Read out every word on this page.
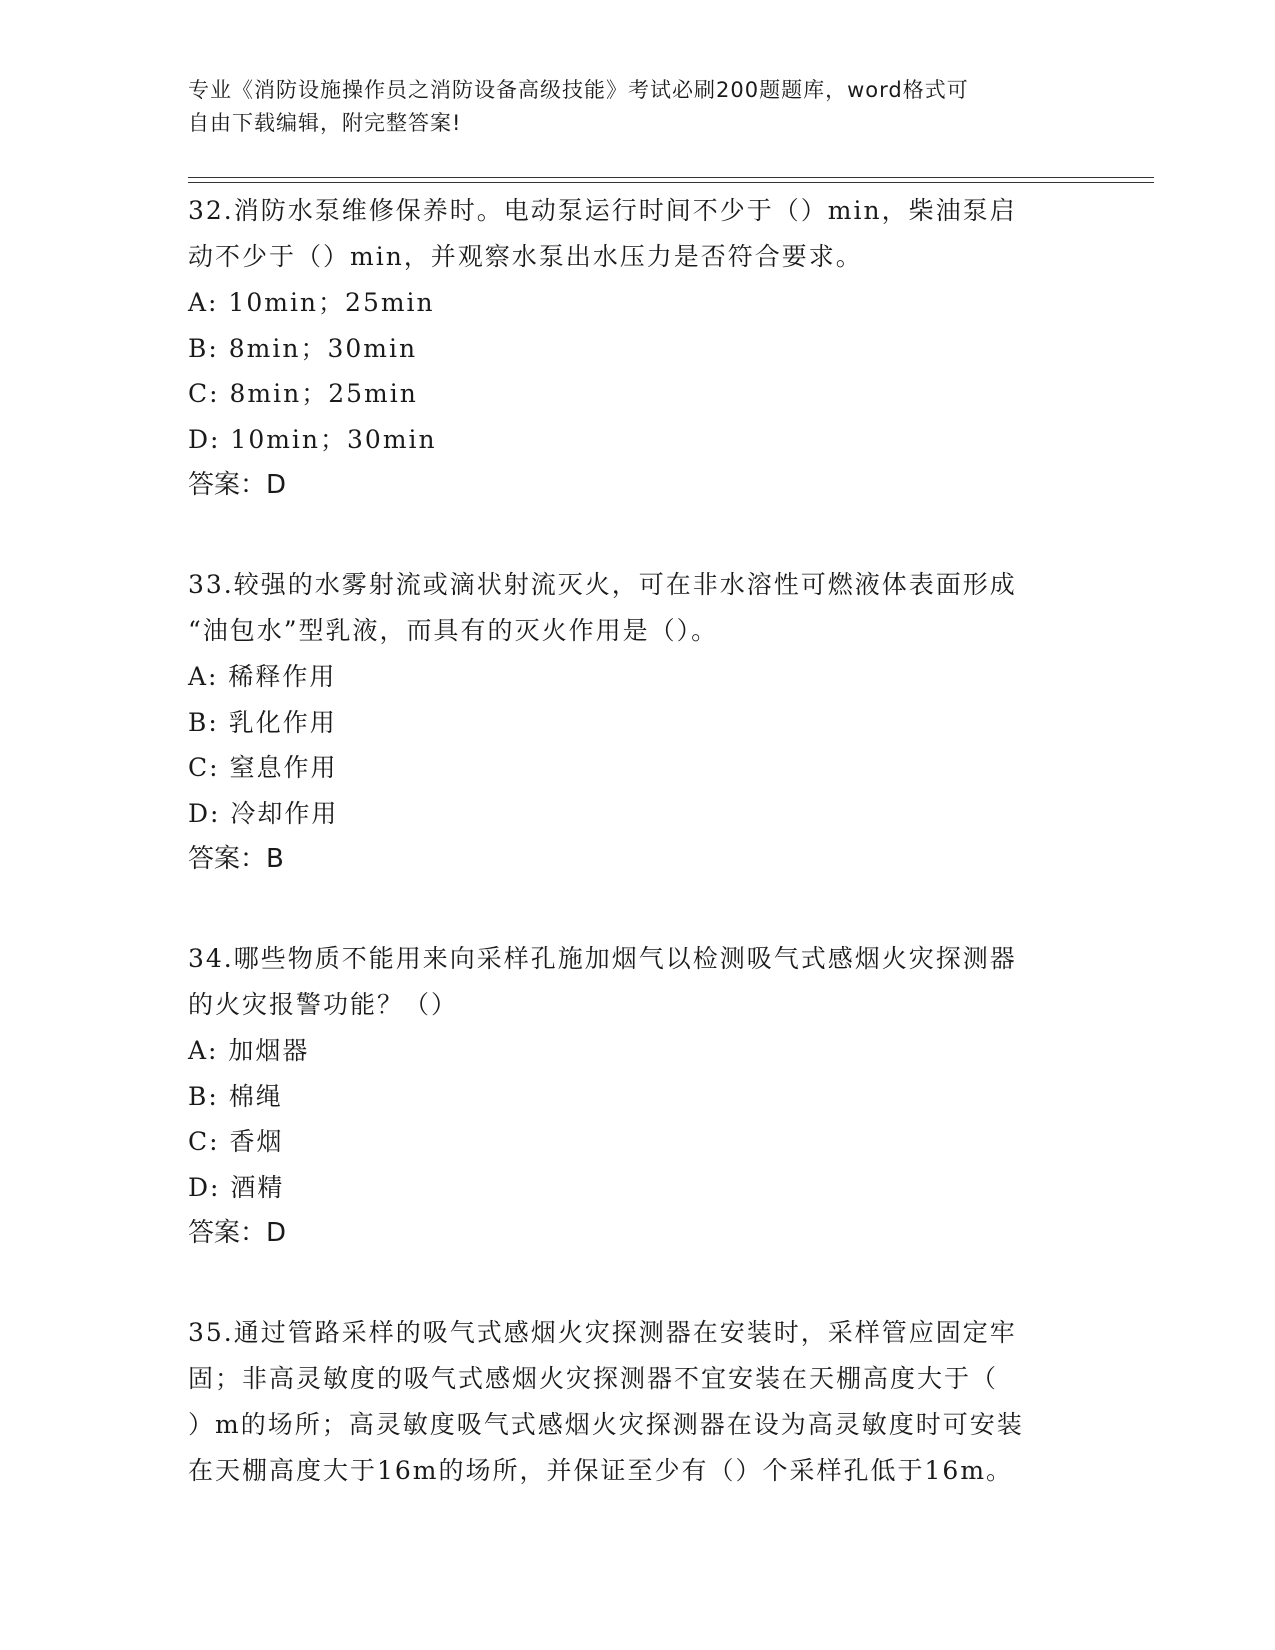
专业《消防设施操作员之消防设备高级技能》考试必刷200题题库，word格式可
自由下载编辑，附完整答案!
32.消防水泵维修保养时。电动泵运行时间不少于（）min，柴油泵启
动不少于（）min，并观察水泵出水压力是否符合要求。
A: 10min；25min
B: 8min；30min
C: 8min；25min
D: 10min；30min
答案：D
33.较强的水雾射流或滴状射流灭火，可在非水溶性可燃液体表面形成
“油包水”型乳液，而具有的灭火作用是（）。
A: 稀释作用
B: 乳化作用
C: 窒息作用
D: 冷却作用
答案：B
34.哪些物质不能用来向采样孔施加烟气以检测吸气式感烟火灾探测器
的火灾报警功能？（）
A: 加烟器
B: 棉绳
C: 香烟
D: 酒精
答案：D
35.通过管路采样的吸气式感烟火灾探测器在安装时，采样管应固定牢
固；非高灵敏度的吸气式感烟火灾探测器不宜安装在天棚高度大于（
）m的场所；高灵敏度吸气式感烟火灾探测器在设为高灵敏度时可安装
在天棚高度大于16m的场所，并保证至少有（）个采样孔低于16m。
